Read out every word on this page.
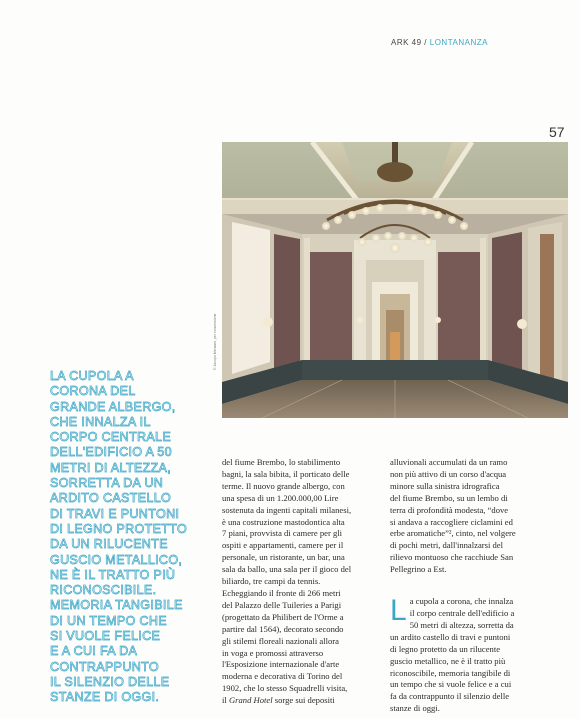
ARK 49 / LONTANANZA
57
© Jacopo Menzani, per concessione

LA CUPOLA A
CORONA DEL
GRANDE ALBERGO,
CHE INNALZA IL
CORPO CENTRALE
DELL'EDIFICIO A 50
METRI DI ALTEZZA,
SORRETTA DA UN
ARDITO CASTELLO
DI TRAVI E PUNTONI
DI LEGNO PROTETTO
DA UN RILUCENTE
GUSCIO METALLICO,
NE È IL TRATTO PIÙ
RICONOSCIBILE.
MEMORIA TANGIBILE
DI UN TEMPO CHE
SI VUOLE FELICE
E A CUI FA DA
CONTRAPPUNTO
IL SILENZIO DELLE
STANZE DI OGGI.

del fiume Brembo, lo stabilimento
bagni, la sala bibita, il porticato delle
terme. Il nuovo grande albergo, con
una spesa di un 1.200.000,00 Lire
sostenuta da ingenti capitali milanesi,
è una costruzione mastodontica alta
7 piani, provvista di camere per gli
ospiti e appartamenti, camere per il
personale, un ristorante, un bar, una
sala da ballo, una sala per il gioco del
biliardo, tre campi da tennis.
Echeggiando il fronte di 266 metri
del Palazzo delle Tuileries a Parigi
(progettato da Philibert de l'Orme a
partire dal 1564), decorato secondo
gli stilemi floreali nazionali allora
in voga e promossi attraverso
l'Esposizione internazionale d'arte
moderna e decorativa di Torino del
1902, che lo stesso Squadrelli visita,
il Grand Hotel sorge sui depositi

alluvionali accumulati da un ramo
non più attivo di un corso d'acqua
minore sulla sinistra idrografica
del fiume Brembo, su un lembo di
terra di profondità modesta, “dove
si andava a raccogliere ciclamini ed
erbe aromatiche”², cinto, nel volgere
di pochi metri, dall'innalzarsi del
rilievo montuoso che racchiude San
Pellegrino a Est.

L a cupola a corona, che innalza
il corpo centrale dell'edificio a
50 metri di altezza, sorretta da
un ardito castello di travi e puntoni
di legno protetto da un rilucente
guscio metallico, ne è il tratto più
riconoscibile, memoria tangibile di
un tempo che si vuole felice e a cui
fa da contrappunto il silenzio delle
stanze di oggi.
